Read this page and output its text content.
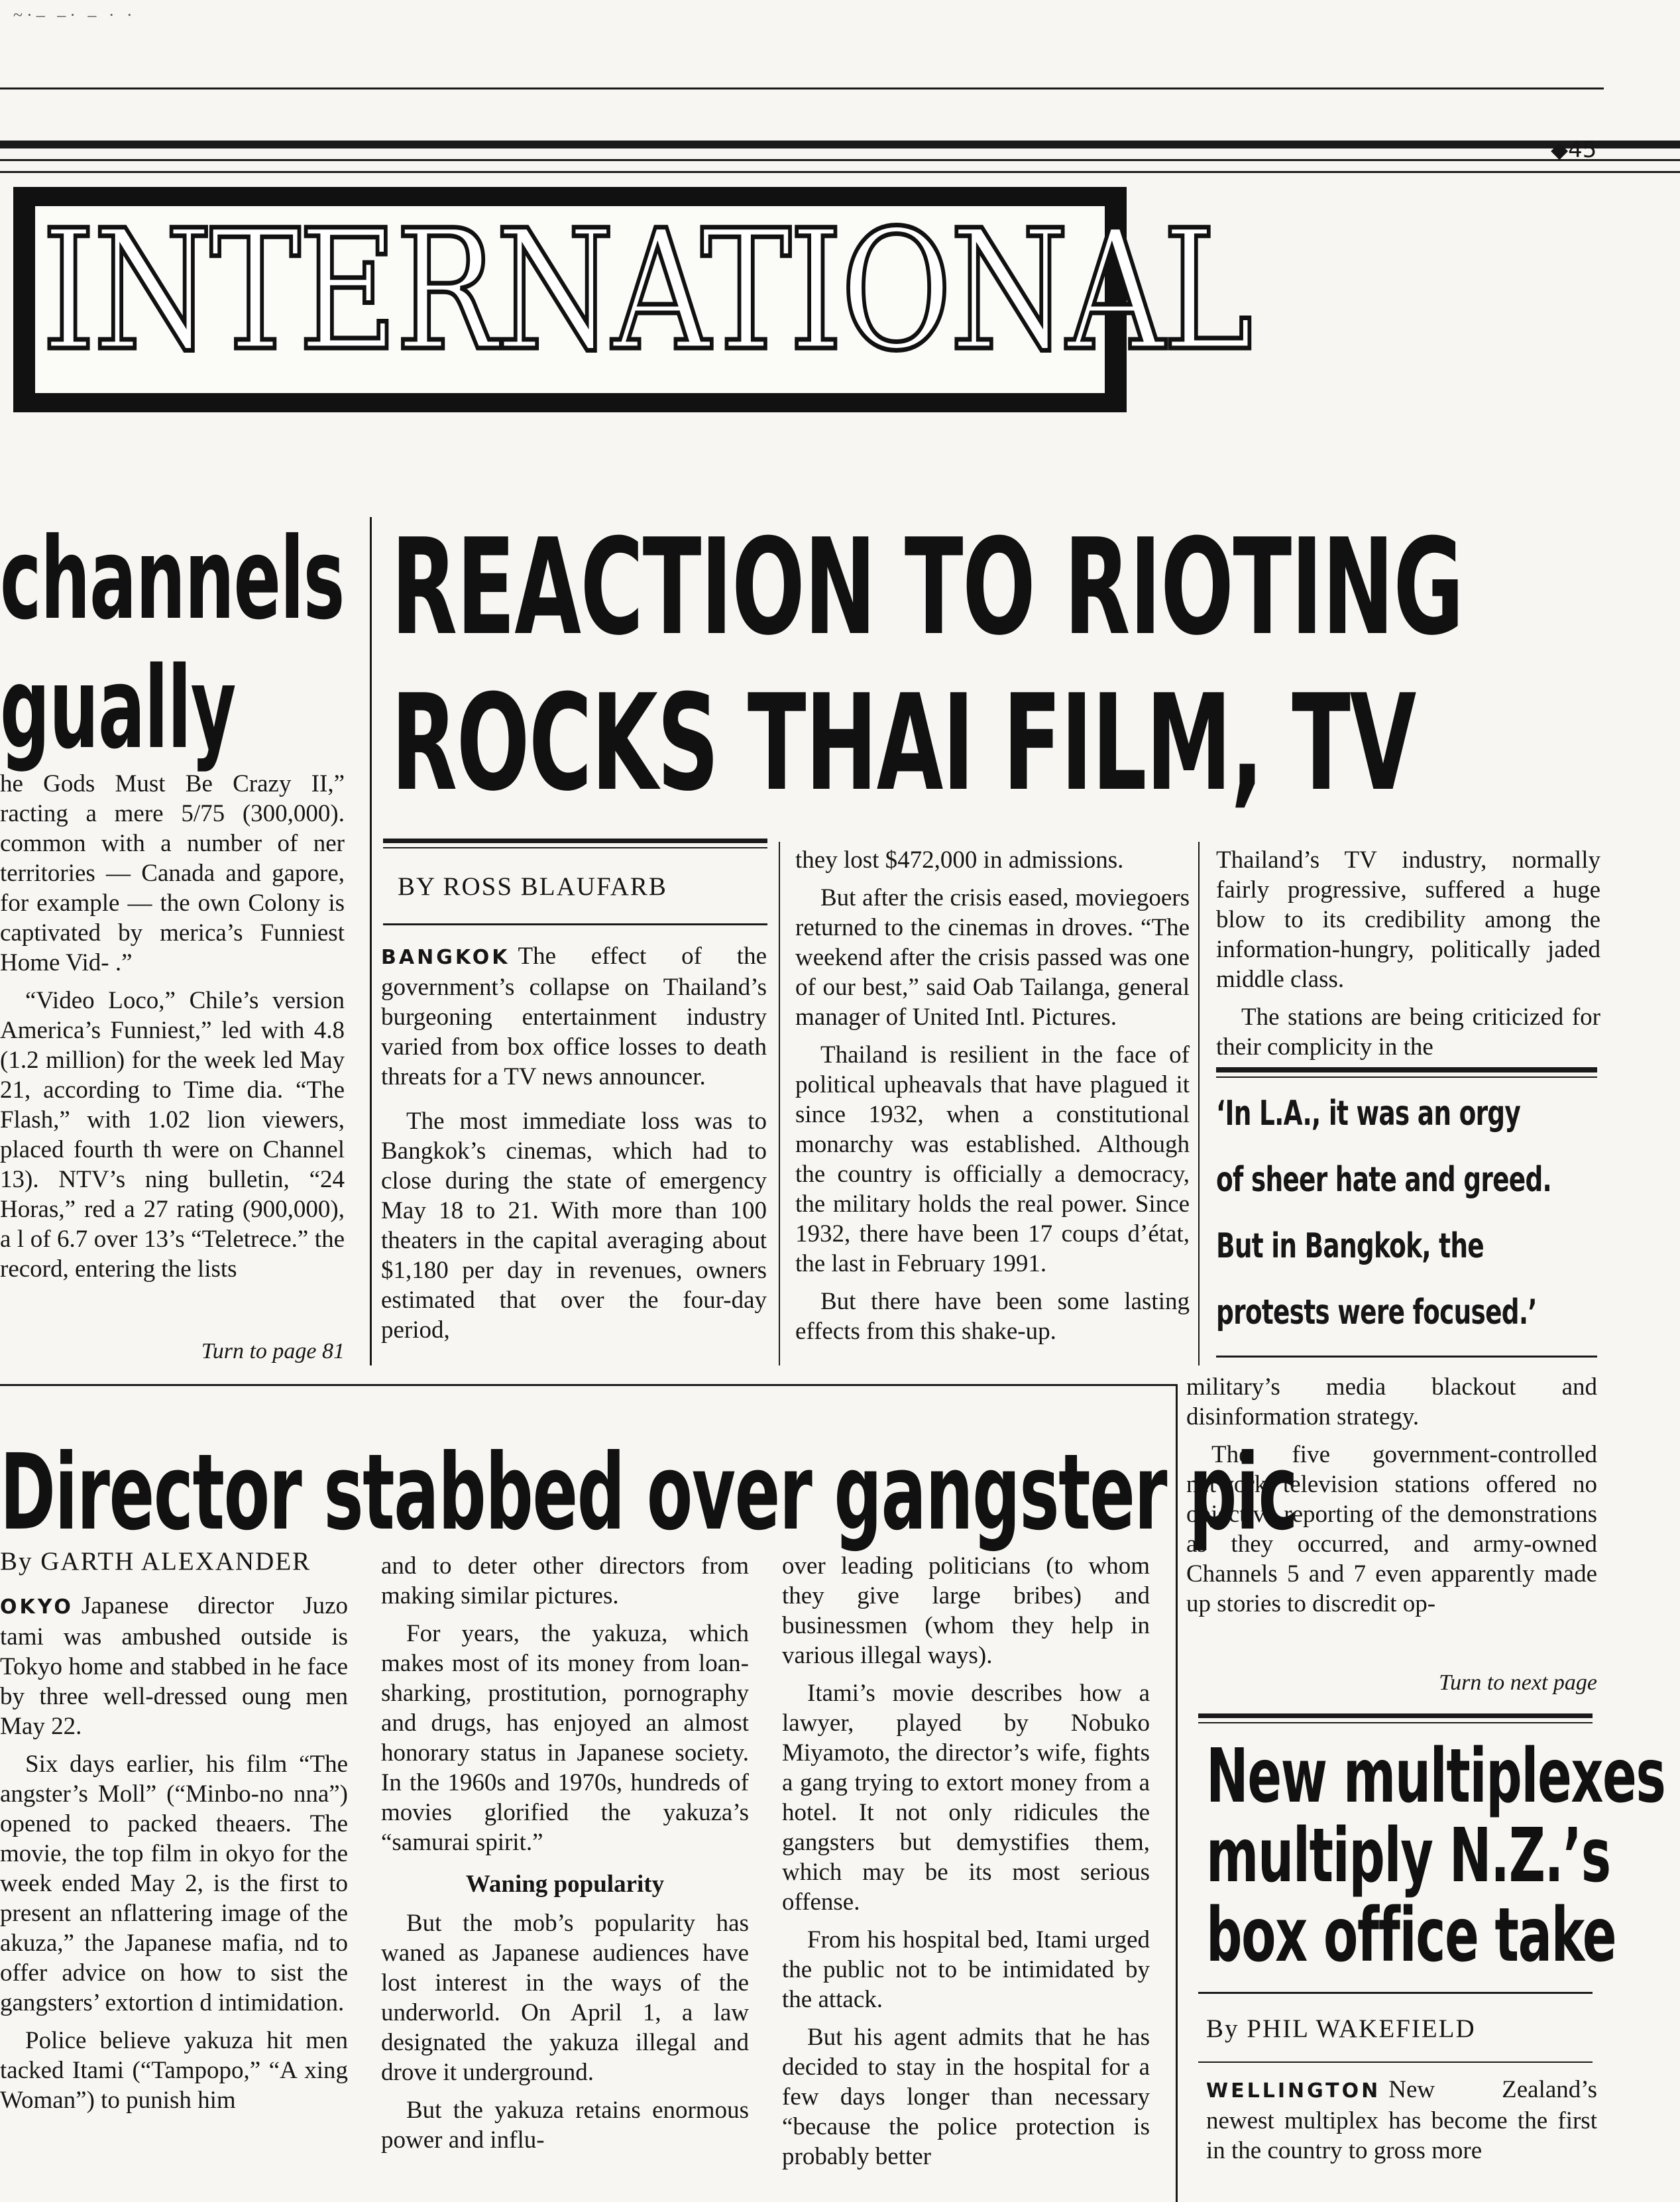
~·– –· – · ·
◆45
INTERNATIONAL
channels
gually

he Gods Must Be Crazy II,” racting a mere 5/75 (300,000). common with a number of ner territories — Canada and gapore, for example — the own Colony is captivated by merica’s Funniest Home Vid- .”

“Video Loco,” Chile’s version America’s Funniest,” led with 4.8 (1.2 million) for the week led May 21, according to Time dia. “The Flash,” with 1.02 lion viewers, placed fourth th were on Channel 13). NTV’s ning bulletin, “24 Horas,” red a 27 rating (900,000), a l of 6.7 over 13’s “Teletrece.” the record, entering the lists

Turn to page 81
REACTION TO RIOTING
ROCKS THAI FILM, TV
BY ROSS BLAUFARB

BANGKOK The effect of the government’s collapse on Thailand’s burgeoning entertainment industry varied from box office losses to death threats for a TV news announcer.

The most immediate loss was to Bangkok’s cinemas, which had to close during the state of emergency May 18 to 21. With more than 100 theaters in the capital averaging about $1,180 per day in revenues, owners estimated that over the four-day period,

they lost $472,000 in admissions.

But after the crisis eased, moviegoers returned to the cinemas in droves. “The weekend after the crisis passed was one of our best,” said Oab Tailanga, general manager of United Intl. Pictures.

Thailand is resilient in the face of political upheavals that have plagued it since 1932, when a constitutional monarchy was established. Although the country is officially a democracy, the military holds the real power. Since 1932, there have been 17 coups d’état, the last in February 1991.

But there have been some lasting effects from this shake-up.

Thailand’s TV industry, normally fairly progressive, suffered a huge blow to its credibility among the information-hungry, politically jaded middle class.

The stations are being criticized for their complicity in the

‘In L.A., it was an orgy
of sheer hate and greed.
But in Bangkok, the
protests were focused.’

military’s media blackout and disinformation strategy.

The five government-controlled network television stations offered no objective reporting of the demonstrations as they occurred, and army-owned Channels 5 and 7 even apparently made up stories to discredit op-

Turn to next page
Director stabbed over gangster pic
By GARTH ALEXANDER

OKYO Japanese director Juzo tami was ambushed outside is Tokyo home and stabbed in he face by three well-dressed oung men May 22.

Six days earlier, his film “The angster’s Moll” (“Minbo-no nna”) opened to packed theaers. The movie, the top film in okyo for the week ended May 2, is the first to present an nflattering image of the akuza,” the Japanese mafia, nd to offer advice on how to sist the gangsters’ extortion d intimidation.

Police believe yakuza hit men tacked Itami (“Tampopo,” “A xing Woman”) to punish him

and to deter other directors from making similar pictures.

For years, the yakuza, which makes most of its money from loan-sharking, prostitution, pornography and drugs, has enjoyed an almost honorary status in Japanese society. In the 1960s and 1970s, hundreds of movies glorified the yakuza’s “samurai spirit.”

Waning popularity

But the mob’s popularity has waned as Japanese audiences have lost interest in the ways of the underworld. On April 1, a law designated the yakuza illegal and drove it underground.

But the yakuza retains enormous power and influ-

over leading politicians (to whom they give large bribes) and businessmen (whom they help in various illegal ways).

Itami’s movie describes how a lawyer, played by Nobuko Miyamoto, the director’s wife, fights a gang trying to extort money from a hotel. It not only ridicules the gangsters but demystifies them, which may be its most serious offense.

From his hospital bed, Itami urged the public not to be intimidated by the attack.

But his agent admits that he has decided to stay in the hospital for a few days longer than necessary “because the police protection is probably better

New multiplexes
multiply N.Z.’s
box office take
By PHIL WAKEFIELD

WELLINGTON New Zealand’s newest multiplex has become the first in the country to gross more
